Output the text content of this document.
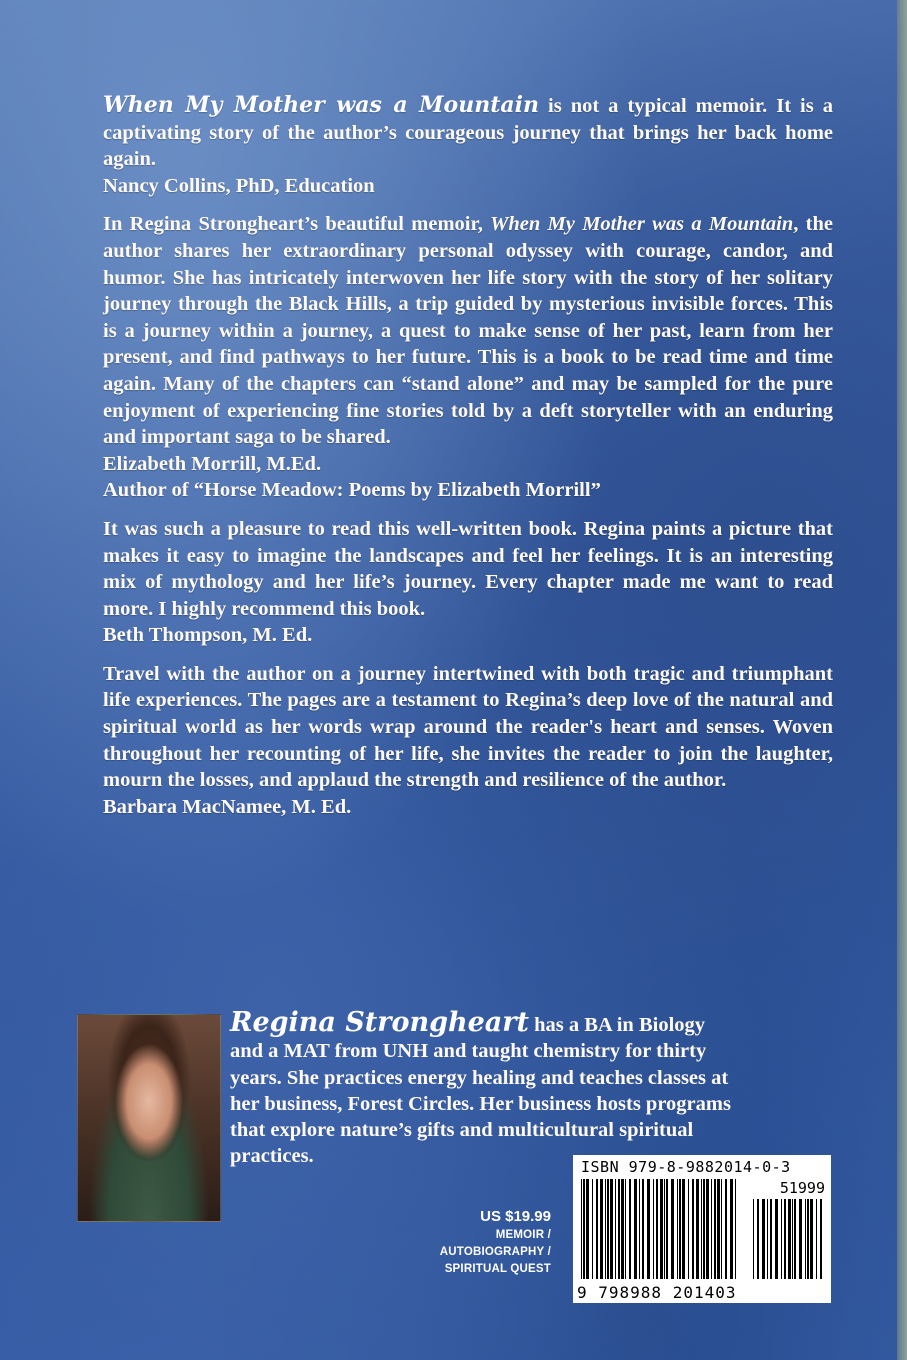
When My Mother was a Mountain is not a typical memoir. It is a captivating story of the author’s courageous journey that brings her back home again.

Nancy Collins, PhD, Education

In Regina Strongheart’s beautiful memoir, When My Mother was a Mountain, the author shares her extraordinary personal odyssey with courage, candor, and humor. She has intricately interwoven her life story with the story of her solitary journey through the Black Hills, a trip guided by mysterious invisible forces. This is a journey within a journey, a quest to make sense of her past, learn from her present, and find pathways to her future. This is a book to be read time and time again. Many of the chapters can “stand alone” and may be sampled for the pure enjoyment of experiencing fine stories told by a deft storyteller with an enduring and important saga to be shared.

Elizabeth Morrill, M.Ed.

Author of “Horse Meadow: Poems by Elizabeth Morrill”

It was such a pleasure to read this well-written book. Regina paints a picture that makes it easy to imagine the landscapes and feel her feelings. It is an interesting mix of mythology and her life’s journey. Every chapter made me want to read more. I highly recommend this book.

Beth Thompson, M. Ed.

Travel with the author on a journey intertwined with both tragic and triumphant life experiences. The pages are a testament to Regina’s deep love of the natural and spiritual world as her words wrap around the reader's heart and senses. Woven throughout her recounting of her life, she invites the reader to join the laughter, mourn the losses, and applaud the strength and resilience of the author.

Barbara MacNamee, M. Ed.

Regina Strongheart has a BA in Biology and a MAT from UNH and taught chemistry for thirty years. She practices energy healing and teaches classes at her business, Forest Circles. Her business hosts programs that explore nature’s gifts and multicultural spiritual practices.
US $19.99
MEMOIR /
AUTOBIOGRAPHY /
SPIRITUAL QUEST
ISBN 979-8-9882014-0-3
51999
9 798988 201403
